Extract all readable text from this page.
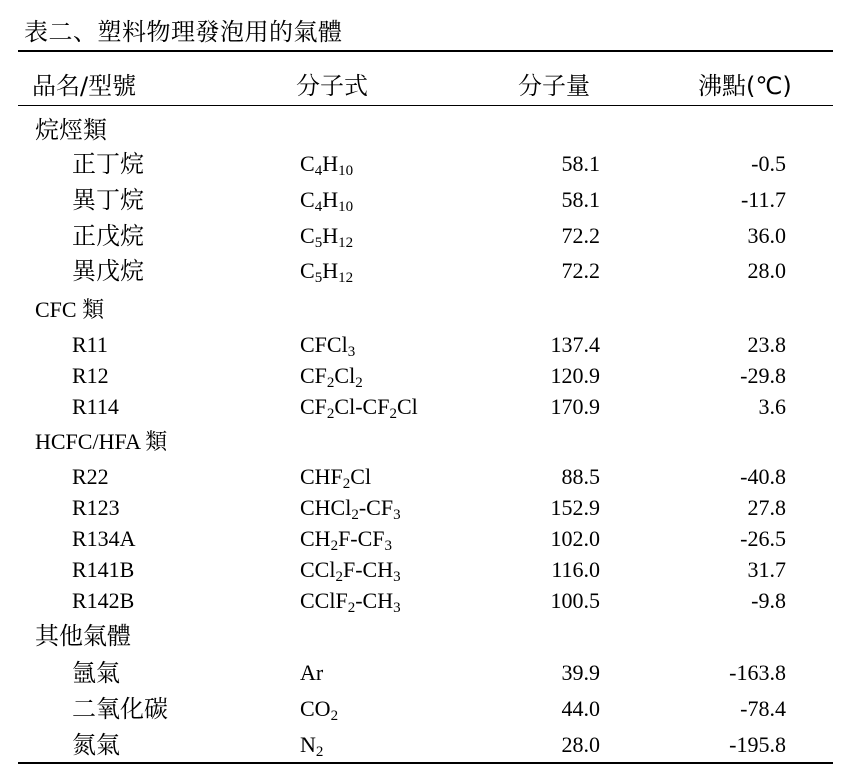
表二、塑料物理發泡用的氣體
品名/型號	分子式	分子量	沸點(℃)
烷烴類
正丁烷	$C_4H_{10}$	58.1	-0.5
異丁烷	$C_4H_{10}$	58.1	-11.7
正戊烷	$C_5H_{12}$	72.2	36.0
異戊烷	$C_5H_{12}$	72.2	28.0
CFC 類
R11	CFCl$_3$	137.4	23.8
R12	$CF_2Cl_2$	120.9	-29.8
R114	$CF_2Cl-CF_2Cl$	170.9	3.6
HCFC/HFA 類
R22	$CHF_2Cl$	88.5	-40.8
R123	$CHCl_2-CF_3$	152.9	27.8
R134A	$CH_2F-CF_3$	102.0	-26.5
R141B	$CCl_2F-CH_3$	116.0	31.7
R142B	$CClF_2-CH_3$	100.5	-9.8
其他氣體
氬氣	Ar	39.9	-163.8
二氧化碳	$CO_2$	44.0	-78.4
氮氣	$N_2$	28.0	-195.8
